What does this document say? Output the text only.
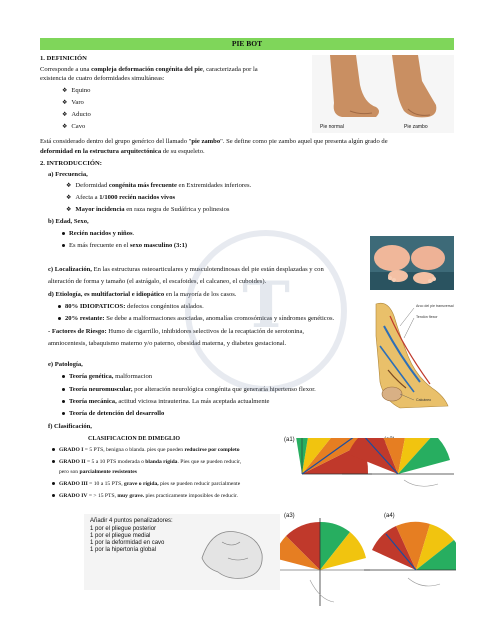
PIE BOT
1. DEFINICIÓN
Corresponde a una compleja deformación congénita del pie, caracterizada por la
existencia de cuatro deformidades simultáneas:
❖ Equino
❖ Varo
❖ Aducto
❖ Cavo	Pie normal	Pie zambo
Está considerado dentro del grupo genérico del llamado "pie zambo". Se define como pie zambo aquel que presenta algún grado de
deformidad en la estructura arquitectónica de su esqueleto.
2. INTRODUCCIÓN:
a) Frecuencia,
❖ Deformidad congénita más frecuente en Extremidades inferiores.
❖ Afecta a 1/1000 recién nacidos vivos
❖ Mayor incidencia en raza negra de Sudáfrica y polinesios
b) Edad, Sexo,
Recién nacidos y niños.
Es más frecuente en el sexo masculino (3:1)
c) Localización, En las estructuras osteoarticulares y musculotendinosas del pie están desplazadas y con
alteración de forma y tamaño (el astrágalo, el escafoides, el calcaneo, el cuboides).
d) Etiología, es multifactorial e idiopático en la mayoría de los casos.
80% IDIOPATICOS: defectos congénitos aislados.
20% restante: Se debe a malformaciones asociadas, anomalías cromosómicas y síndromes genéticos.
- Factores de Riesgo: Humo de cigarrillo, inhibidores selectivos de la recaptación de serotonina,
amniocentesis, tabaquismo materno y/o paterno, obesidad materna, y diabetes gestacional.
Arco del pie transversal
Tendón flexor
Calcáneo
e) Patología,
Teoría genética, malformacion
Teoría neuromuscular, por alteración neurológica congénita que generaría hipertenso flexor.
Teoría mecánica, actitud viciosa intrauterina. La más aceptada actualmente
Teoría de detención del desarrollo
f) Clasificación,
CLASIFICACION DE DIMEGLIO
GRADO I = 5 PTS, benigna o blanda. pies que pueden reducirse por completo
GRADO II = 5 a 10 PTS moderada o blanda rígida. Pies que se pueden reducir,
pero son parcialmente resistentes
GRADO III = 10 a 15 PTS, grave o rígida, pies se pueden reducir parcialmente
GRADO IV = > 15 PTS, muy grave. pies practicamente imposibles de reducir.
Añadir 4 puntos penalizadores:
1 por el pliegue posterior
1 por el pliegue medial
1 por la deformidad en cavo
1 por la hipertonía global
(a1)
(a3)	(a4)
T
